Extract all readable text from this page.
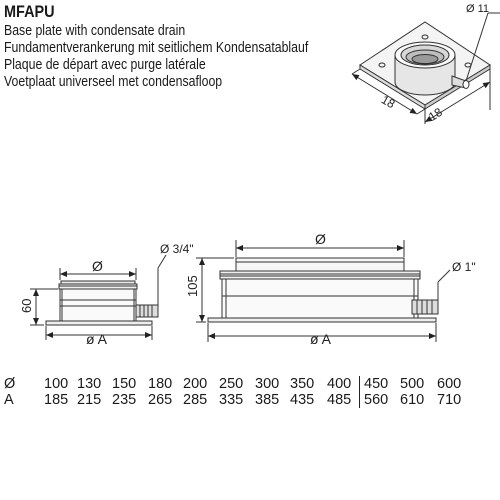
MFAPU
Base plate with condensate drain
Fundamentverankerung mit seitlichem Kondensatablauf
Plaque de départ avec purge latérale
Voetplaat universeel met condensafloop
Ø 11
18
18
Ø
60
Ø 3/4"
ø A
Ø
105
Ø 1"
ø A
Ø	100	130	150	180	200	250	300	350	400	450	500	600
A	185	215	235	265	285	335	385	435	485	560	610	710
